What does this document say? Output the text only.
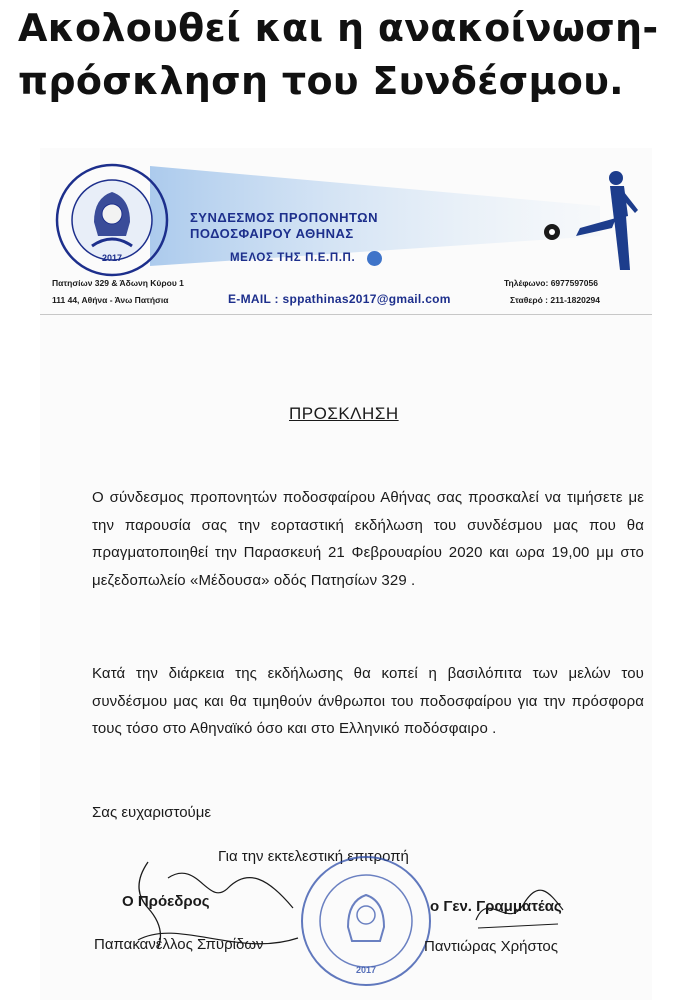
Ακολουθεί και η ανακοίνωση-
πρόσκληση του Συνδέσμου.
2017
ΣΥΝΔΕΣΜΟΣ ΠΡΟΠΟΝΗΤΩΝ
ΠΟΔΟΣΦΑΙΡΟΥ ΑΘΗΝΑΣ
ΜΕΛΟΣ ΤΗΣ Π.Ε.Π.Π.
Πατησίων 329 & Άδωνη Κύρου 1
111 44, Αθήνα - Άνω Πατήσια	E-MAIL : sppathinas2017@gmail.com
Τηλέφωνο: 6977597056
Σταθερό : 211-1820294
ΠΡΟΣΚΛΗΣΗ
Ο σύνδεσμος προπονητών ποδοσφαίρου Αθήνας σας προσκαλεί να τιμήσετε με την παρουσία σας την εορταστική εκδήλωση του συνδέσμου μας που θα πραγματοποιηθεί την Παρασκευή 21 Φεβρουαρίου 2020 και ωρα 19,00 μμ στο μεζεδοπωλείο «Μέδουσα» οδός Πατησίων 329 .
Κατά την διάρκεια της εκδήλωσης θα κοπεί η βασιλόπιτα των μελών του συνδέσμου μας και θα τιμηθούν άνθρωποι του ποδοσφαίρου για την πρόσφορα τους τόσο στο Αθηναϊκό όσο και στο Ελληνικό ποδόσφαιρο .
Σας ευχαριστούμε
Για την εκτελεστική επιτροπή
2017
Ο Πρόεδρος
Παπακανέλλος Σπυρίδων
ο Γεν. Γραμματέας
Παντιώρας Χρήστος
